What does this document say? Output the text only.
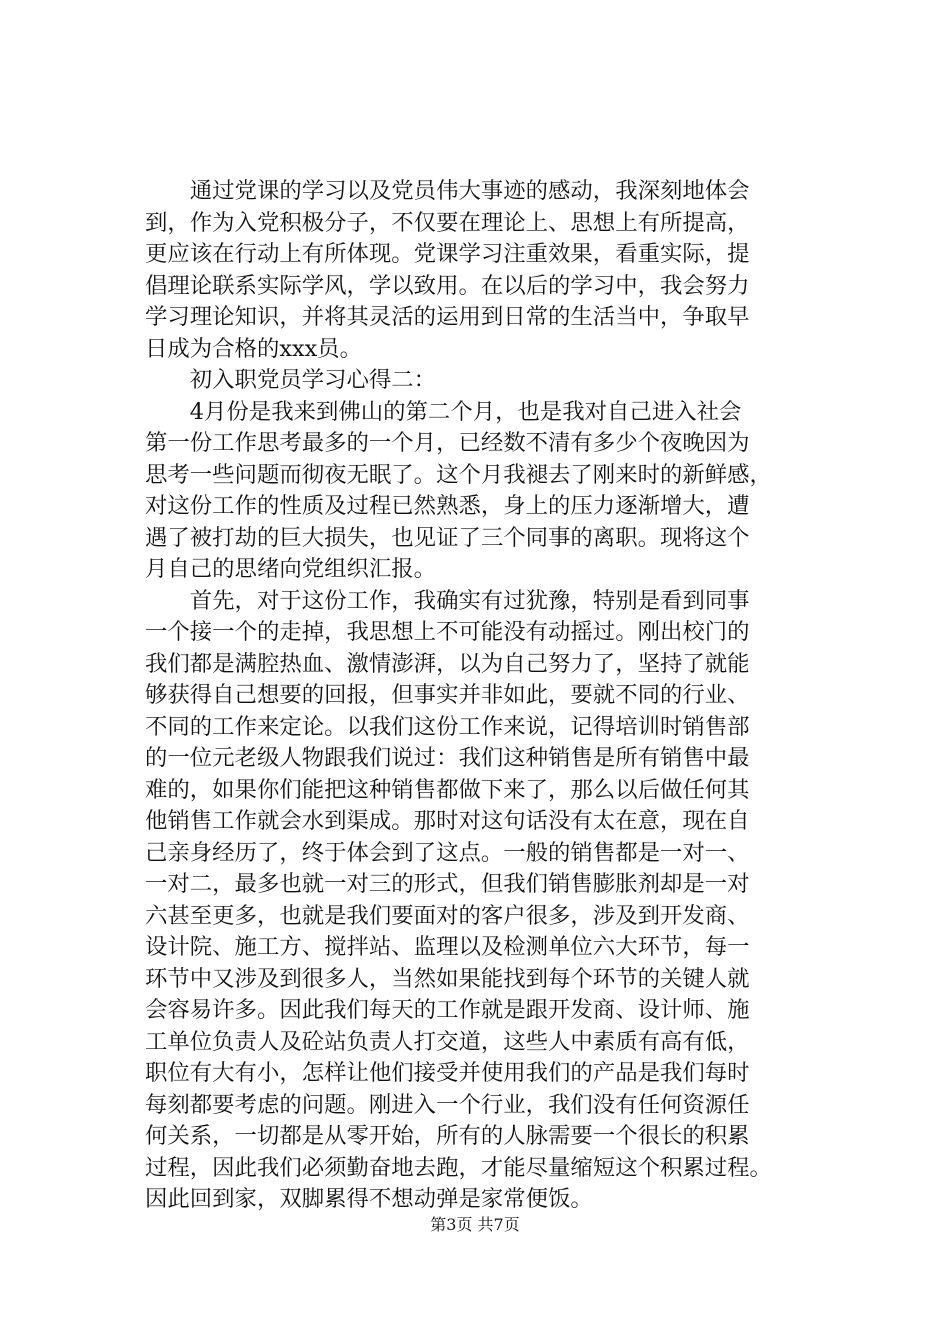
　　通过党课的学习以及党员伟大事迹的感动，我深刻地体会
到，作为入党积极分子，不仅要在理论上、思想上有所提高，
更应该在行动上有所体现。党课学习注重效果，看重实际，提
倡理论联系实际学风，学以致用。在以后的学习中，我会努力
学习理论知识，并将其灵活的运用到日常的生活当中，争取早
日成为合格的xxx员。
　　初入职党员学习心得二：
　　4月份是我来到佛山的第二个月，也是我对自己进入社会
第一份工作思考最多的一个月，已经数不清有多少个夜晚因为
思考一些问题而彻夜无眠了。这个月我褪去了刚来时的新鲜感，
对这份工作的性质及过程已然熟悉，身上的压力逐渐增大，遭
遇了被打劫的巨大损失，也见证了三个同事的离职。现将这个
月自己的思绪向党组织汇报。
　　首先，对于这份工作，我确实有过犹豫，特别是看到同事
一个接一个的走掉，我思想上不可能没有动摇过。刚出校门的
我们都是满腔热血、激情澎湃，以为自己努力了，坚持了就能
够获得自己想要的回报，但事实并非如此，要就不同的行业、
不同的工作来定论。以我们这份工作来说，记得培训时销售部
的一位元老级人物跟我们说过：我们这种销售是所有销售中最
难的，如果你们能把这种销售都做下来了，那么以后做任何其
他销售工作就会水到渠成。那时对这句话没有太在意，现在自
己亲身经历了，终于体会到了这点。一般的销售都是一对一、
一对二，最多也就一对三的形式，但我们销售膨胀剂却是一对
六甚至更多，也就是我们要面对的客户很多，涉及到开发商、
设计院、施工方、搅拌站、监理以及检测单位六大环节，每一
环节中又涉及到很多人，当然如果能找到每个环节的关键人就
会容易许多。因此我们每天的工作就是跟开发商、设计师、施
工单位负责人及砼站负责人打交道，这些人中素质有高有低，
职位有大有小，怎样让他们接受并使用我们的产品是我们每时
每刻都要考虑的问题。刚进入一个行业，我们没有任何资源任
何关系，一切都是从零开始，所有的人脉需要一个很长的积累
过程，因此我们必须勤奋地去跑，才能尽量缩短这个积累过程。
因此回到家，双脚累得不想动弹是家常便饭。
第3页 共7页
